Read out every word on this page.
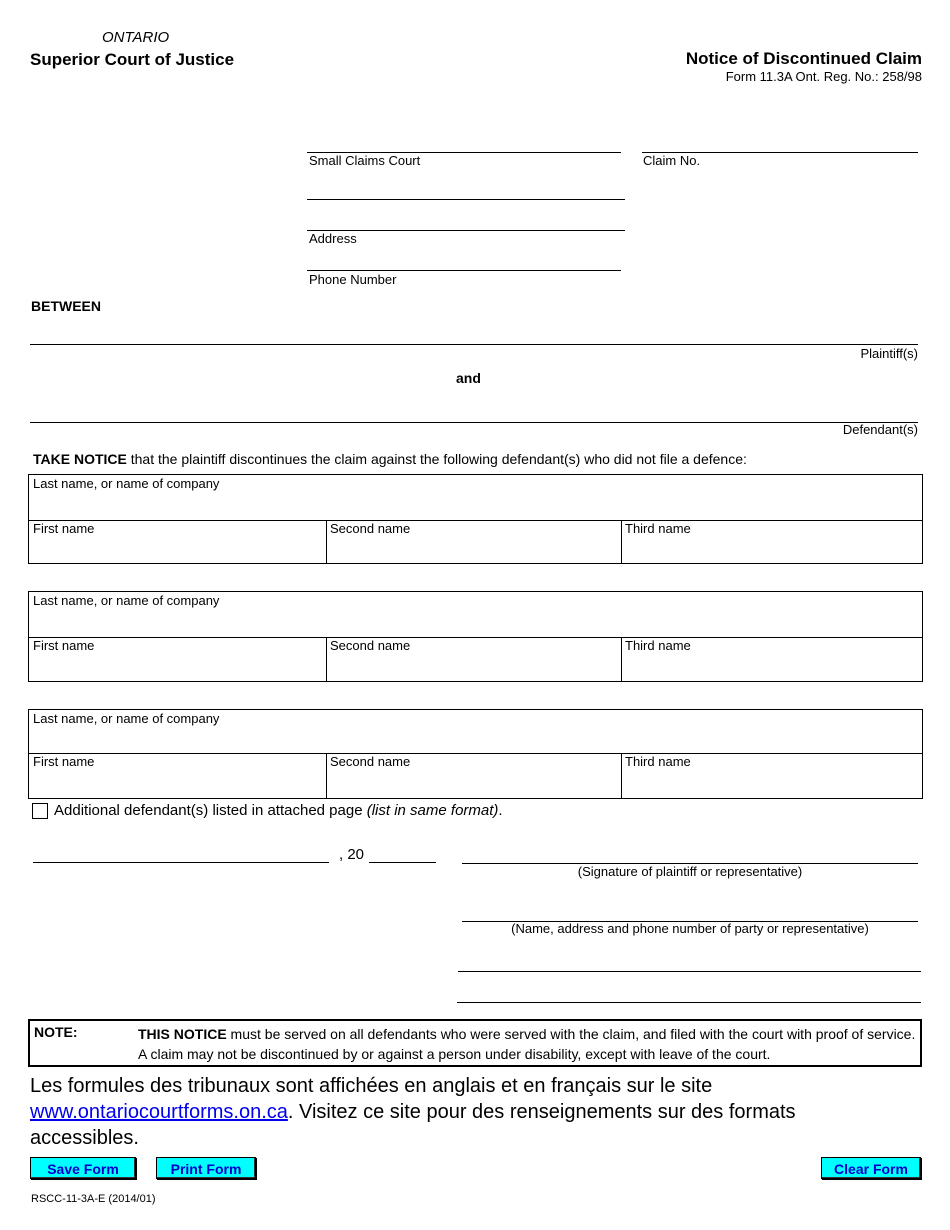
ONTARIO
Superior Court of Justice	Notice of Discontinued Claim
Form 11.3A Ont. Reg. No.: 258/98
Small Claims Court	Claim No.
Address
Phone Number
BETWEEN
Plaintiff(s)
and
Defendant(s)
TAKE NOTICE that the plaintiff discontinues the claim against the following defendant(s) who did not file a defence:
Last name, or name of company
First name	Second name	Third name
Last name, or name of company
First name	Second name	Third name
Last name, or name of company
First name	Second name	Third name
Additional defendant(s) listed in attached page (list in same format).
, 20
(Signature of plaintiff or representative)
(Name, address and phone number of party or representative)
NOTE:	THIS NOTICE must be served on all defendants who were served with the claim, and filed with the court with proof of service. A claim may not be discontinued by or against a person under disability, except with leave of the court.
Les formules des tribunaux sont affichées en anglais et en français sur le site
www.ontariocourtforms.on.ca. Visitez ce site pour des renseignements sur des formats accessibles.
Save Form	Print Form	Clear Form
RSCC-11-3A-E (2014/01)
